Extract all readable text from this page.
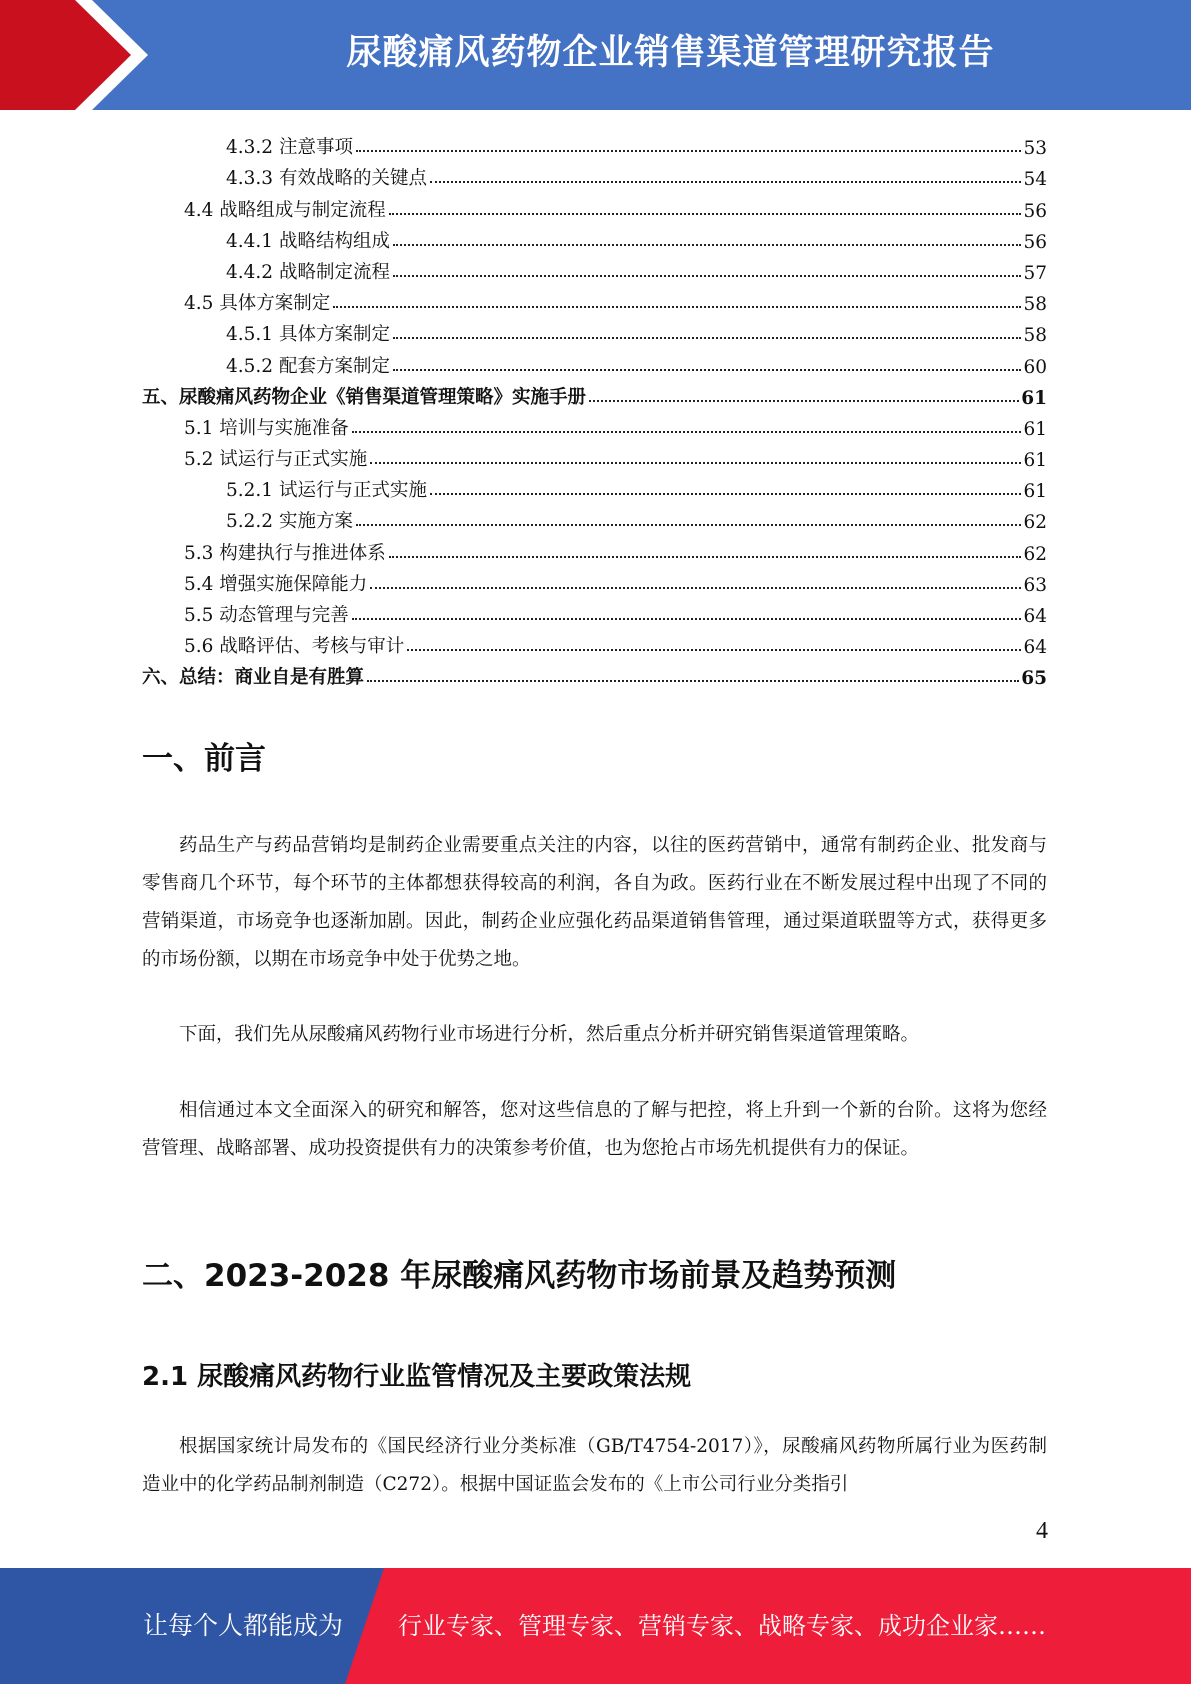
尿酸痛风药物企业销售渠道管理研究报告
4.3.2 注意事项	53
4.3.3 有效战略的关键点	54
4.4 战略组成与制定流程	56
4.4.1 战略结构组成	56
4.4.2 战略制定流程	57
4.5 具体方案制定	58
4.5.1 具体方案制定	58
4.5.2 配套方案制定	60
五、尿酸痛风药物企业《销售渠道管理策略》实施手册	61
5.1 培训与实施准备	61
5.2 试运行与正式实施	61
5.2.1 试运行与正式实施	61
5.2.2 实施方案	62
5.3 构建执行与推进体系	62
5.4 增强实施保障能力	63
5.5 动态管理与完善	64
5.6 战略评估、考核与审计	64
六、总结：商业自是有胜算	65
一、前言

药品生产与药品营销均是制药企业需要重点关注的内容，以往的医药营销中，通常有制药企业、批发商与零售商几个环节，每个环节的主体都想获得较高的利润，各自为政。医药行业在不断发展过程中出现了不同的营销渠道，市场竞争也逐渐加剧。因此，制药企业应强化药品渠道销售管理，通过渠道联盟等方式，获得更多的市场份额，以期在市场竞争中处于优势之地。

下面，我们先从尿酸痛风药物行业市场进行分析，然后重点分析并研究销售渠道管理策略。

相信通过本文全面深入的研究和解答，您对这些信息的了解与把控，将上升到一个新的台阶。这将为您经营管理、战略部署、成功投资提供有力的决策参考价值，也为您抢占市场先机提供有力的保证。

二、2023-2028 年尿酸痛风药物市场前景及趋势预测
2.1 尿酸痛风药物行业监管情况及主要政策法规

根据国家统计局发布的《国民经济行业分类标准（GB/T4754-2017）》，尿酸痛风药物所属行业为医药制造业中的化学药品制剂制造（C272）。根据中国证监会发布的《上市公司行业分类指引

4
让每个人都能成为 行业专家、管理专家、营销专家、战略专家、成功企业家……
